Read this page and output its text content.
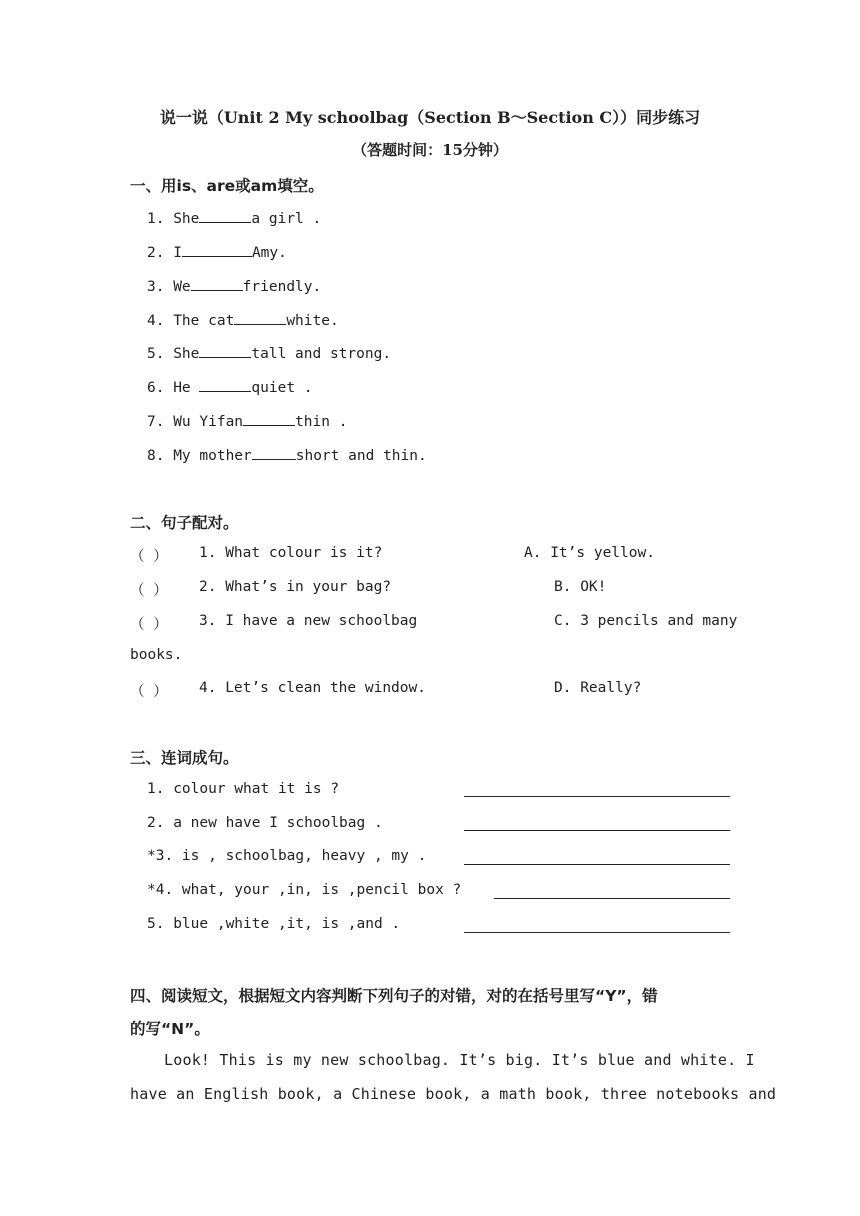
说一说（Unit 2 My schoolbag（Section B～Section C））同步练习
（答题时间：15分钟）
一、用is、are或am填空。
1. She	a girl .
2. I	Amy.
3. We	friendly.
4. The cat	white.
5. She	tall and strong.
6. He	quiet .
7. Wu Yifan	thin .
8. My mother	short and thin.
二、句子配对。
（ ） 1. What colour is it?	A. It’s yellow.
（ ） 2. What’s in your bag?	B. OK!
（ ） 3. I have a new schoolbag	C. 3 pencils and many
books.
（ ） 4. Let’s clean the window.	D. Really?
三、连词成句。
1. colour what it is ?
2. a new have I schoolbag .
*3. is , schoolbag, heavy , my .
*4. what, your ,in, is ,pencil box ?
5. blue ,white ,it, is ,and .
四、阅读短文，根据短文内容判断下列句子的对错，对的在括号里写“Y”，错
的写“N”。
Look! This is my new schoolbag. It’s big. It’s blue and white. I
have an English book, a Chinese book, a math book, three notebooks and
